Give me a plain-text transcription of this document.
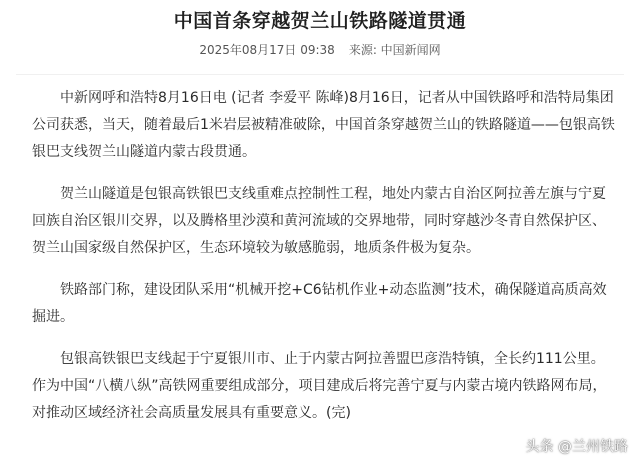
中国首条穿越贺兰山铁路隧道贯通
2025年08月17日 09:38 来源: 中国新闻网

中新网呼和浩特8月16日电 (记者 李爱平 陈峰)8月16日，记者从中国铁路呼和浩特局集团公司获悉，当天，随着最后1米岩层被精准破除，中国首条穿越贺兰山的铁路隧道——包银高铁银巴支线贺兰山隧道内蒙古段贯通。

贺兰山隧道是包银高铁银巴支线重难点控制性工程，地处内蒙古自治区阿拉善左旗与宁夏回族自治区银川交界，以及腾格里沙漠和黄河流域的交界地带，同时穿越沙冬青自然保护区、贺兰山国家级自然保护区，生态环境较为敏感脆弱，地质条件极为复杂。

铁路部门称，建设团队采用“机械开挖+C6钻机作业+动态监测”技术，确保隧道高质高效掘进。

包银高铁银巴支线起于宁夏银川市、止于内蒙古阿拉善盟巴彦浩特镇，全长约111公里。作为中国“八横八纵”高铁网重要组成部分，项目建成后将完善宁夏与内蒙古境内铁路网布局，对推动区域经济社会高质量发展具有重要意义。(完)

头条 @兰州铁路
